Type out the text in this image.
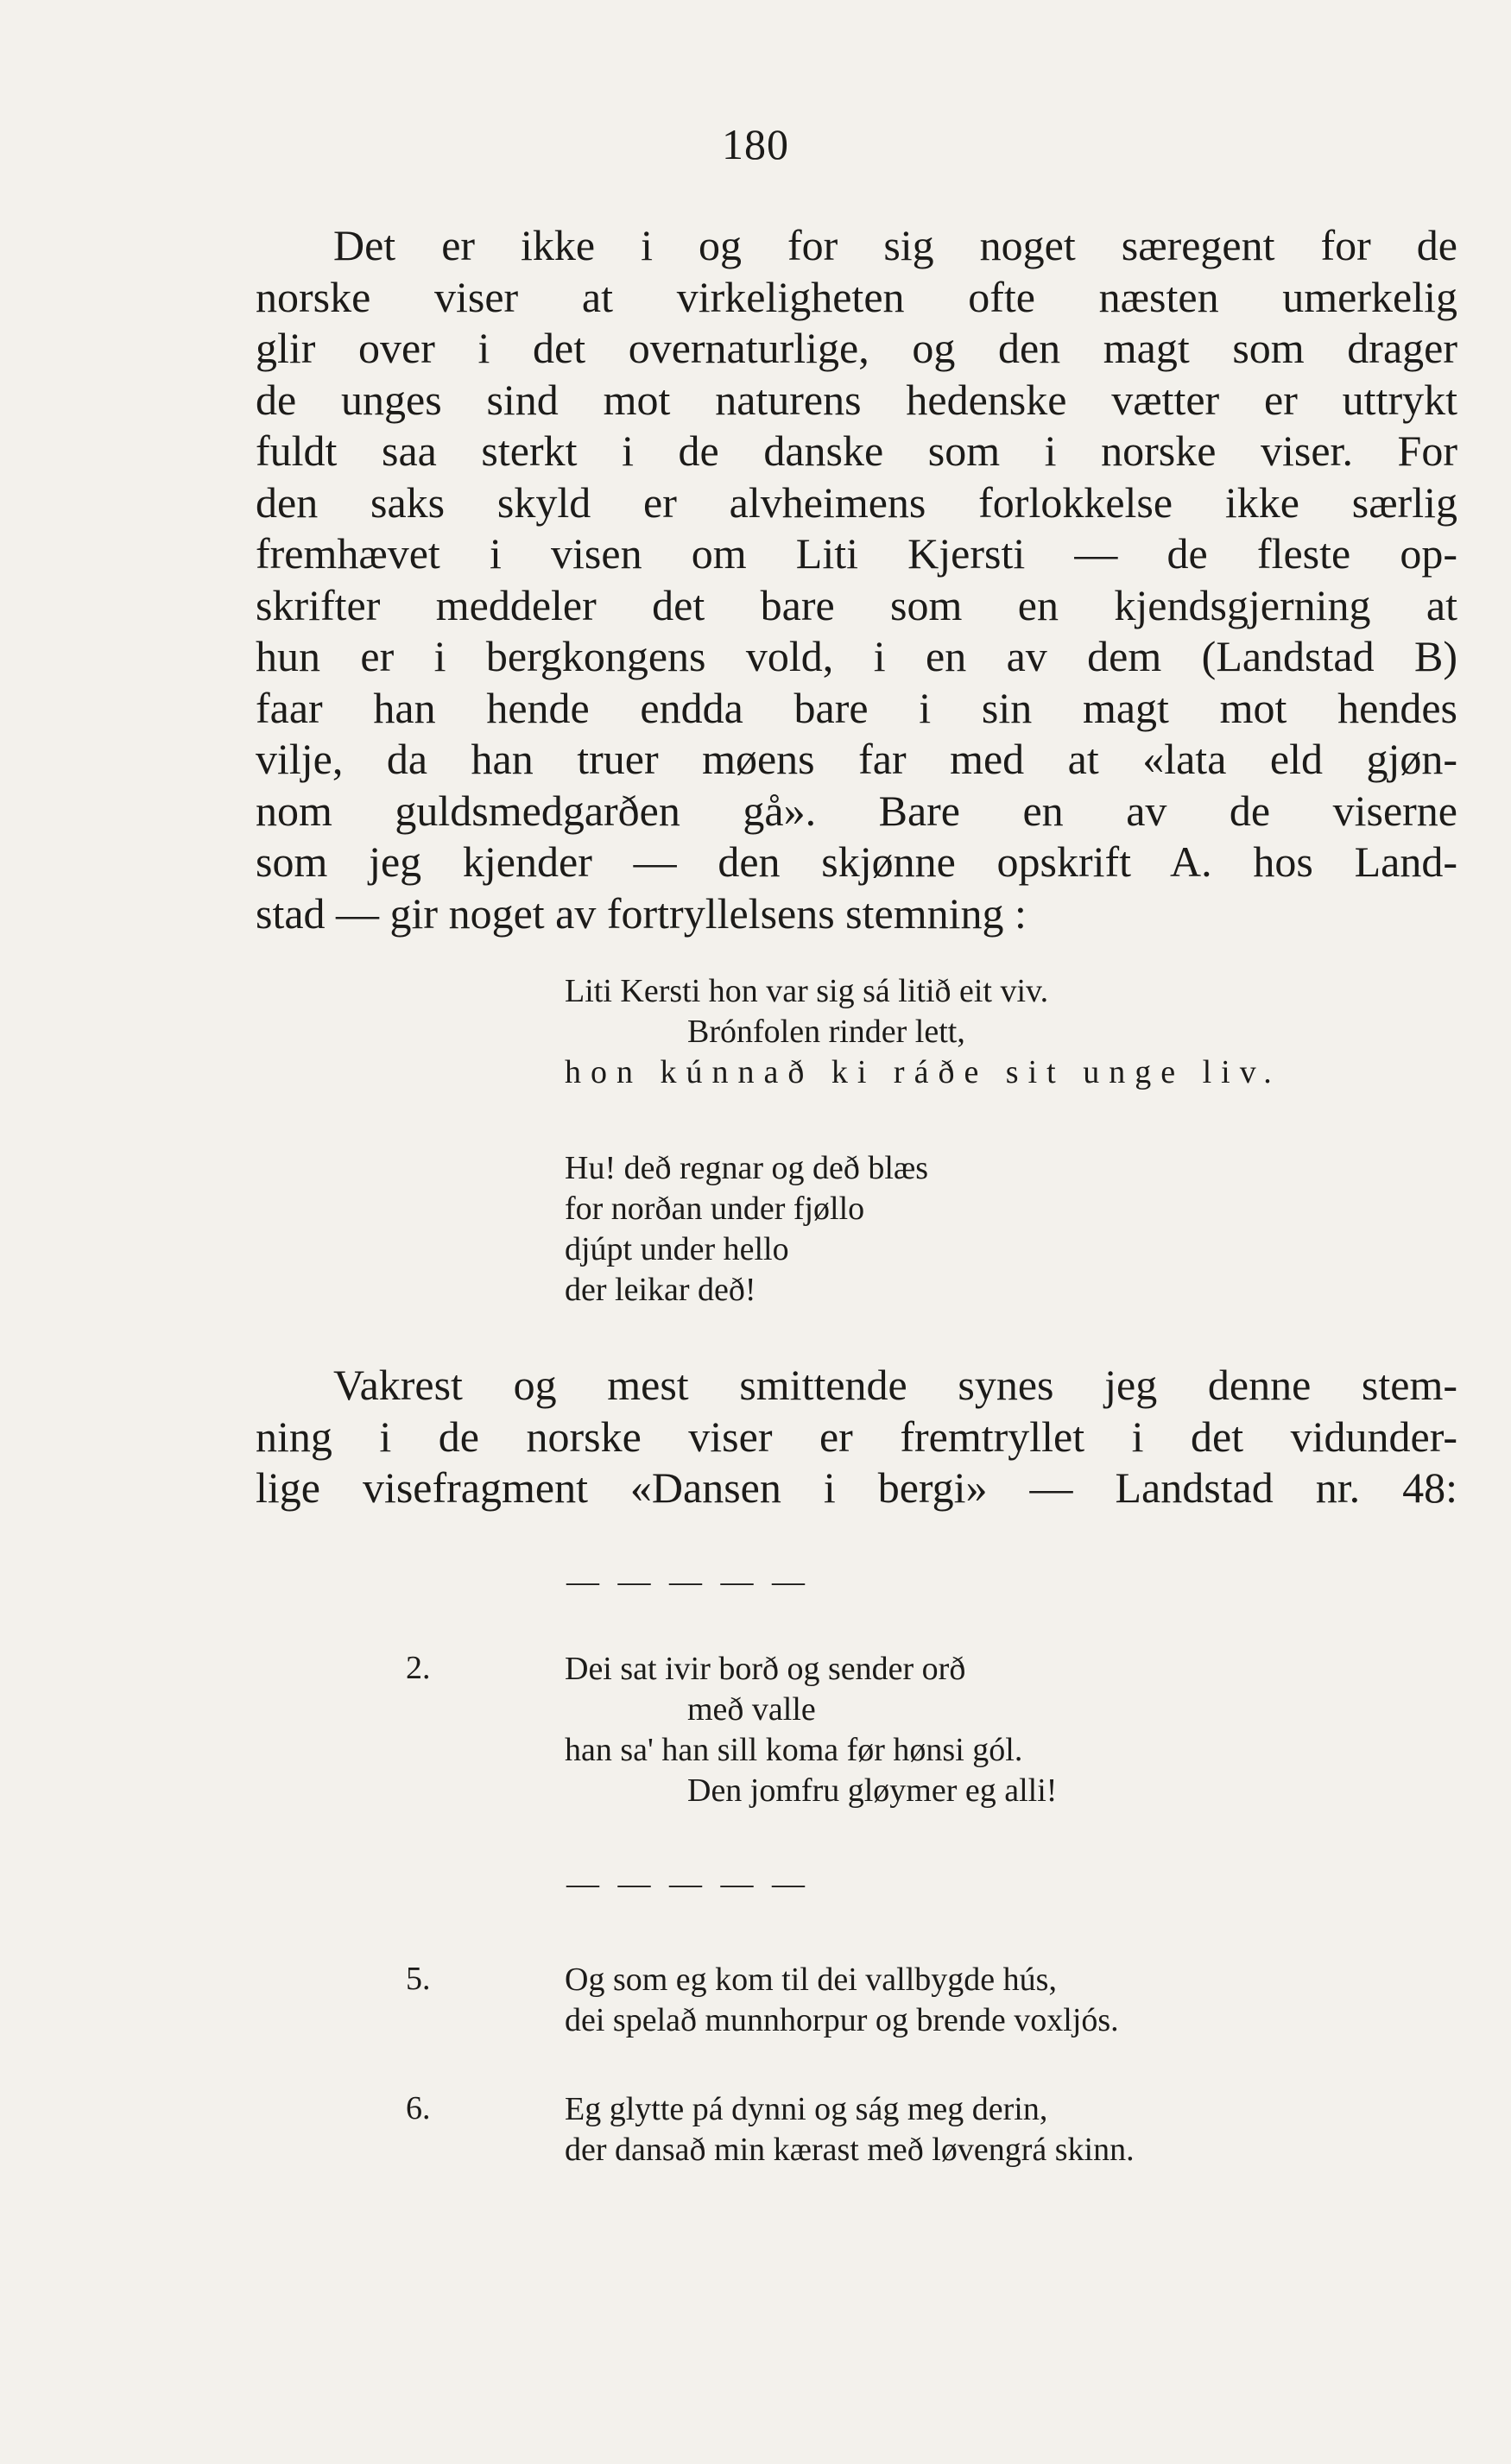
180
Det er ikke i og for sig noget særegent for de
norske viser at virkeligheten ofte næsten umerkelig
glir over i det overnaturlige, og den magt som drager
de unges sind mot naturens hedenske vætter er uttrykt
fuldt saa sterkt i de danske som i norske viser. For
den saks skyld er alvheimens forlokkelse ikke særlig
fremhævet i visen om Liti Kjersti — de fleste op-
skrifter meddeler det bare som en kjendsgjerning at
hun er i bergkongens vold, i en av dem (Landstad B)
faar han hende endda bare i sin magt mot hendes
vilje, da han truer møens far med at «lata eld gjøn-
nom guldsmedgarðen gå». Bare en av de viserne
som jeg kjender — den skjønne opskrift A. hos Land-
stad — gir noget av fortryllelsens stemning :
Liti Kersti hon var sig sá litið eit viv.
Brónfolen rinder lett,
hon kúnnað ki ráðe sit unge liv.
Hu! deð regnar og deð blæs
for norðan under fjøllo
djúpt under hello
der leikar deð!
Vakrest og mest smittende synes jeg denne stem-
ning i de norske viser er fremtryllet i det vidunder-
lige visefragment «Dansen i bergi» — Landstad nr. 48:
— — — — —
2.	Dei sat ivir borð og sender orð
með valle
han sa' han sill koma før hønsi gól.
Den jomfru gløymer eg alli!
— — — — —
5.	Og som eg kom til dei vallbygde hús,
dei spelað munnhorpur og brende voxljós.
6.	Eg glytte pá dynni og ság meg derin,
der dansað min kærast með løvengrá skinn.
